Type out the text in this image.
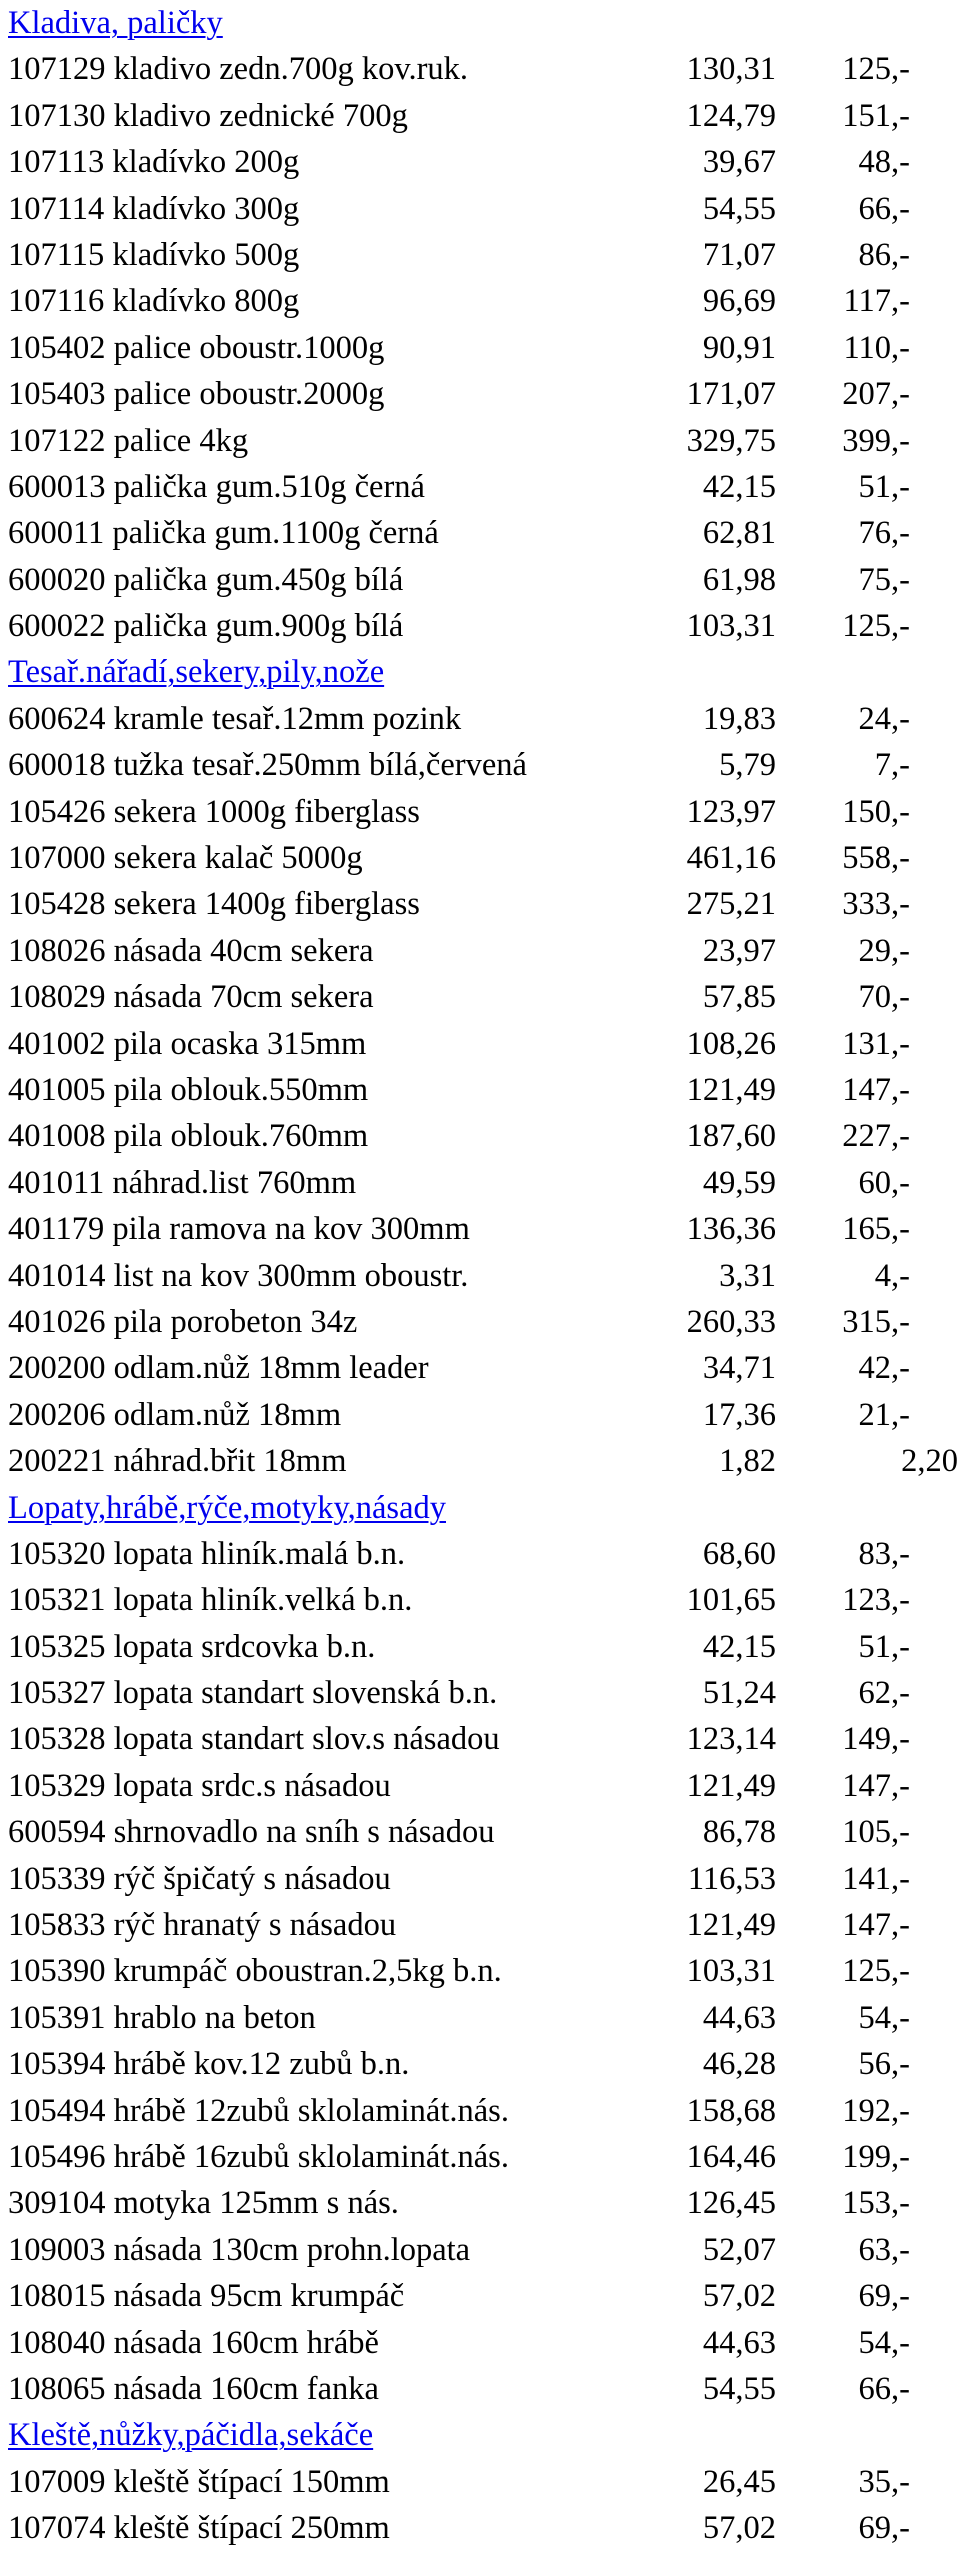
Kladiva, paličky
107129 kladivo zedn.700g kov.ruk.	130,31 125,-
107130 kladivo zednické 700g	124,79 151,-
107113 kladívko 200g	39,67	48,-
107114 kladívko 300g	54,55	66,-
107115 kladívko 500g	71,07	86,-
107116 kladívko 800g	96,69 117,-
105402 palice oboustr.1000g	90,91 110,-
105403 palice oboustr.2000g	171,07 207,-
107122 palice 4kg	329,75 399,-
600013 palička gum.510g černá	42,15	51,-
600011 palička gum.1100g černá	62,81	76,-
600020 palička gum.450g bílá	61,98	75,-
600022 palička gum.900g bílá	103,31 125,-
Tesař.nářadí,sekery,pily,nože
600624 kramle tesař.12mm pozink	19,83	24,-
600018 tužka tesař.250mm bílá,červená	5,79	7,-
105426 sekera 1000g fiberglass	123,97 150,-
107000 sekera kalač 5000g	461,16 558,-
105428 sekera 1400g fiberglass	275,21 333,-
108026 násada 40cm sekera	23,97	29,-
108029 násada 70cm sekera	57,85	70,-
401002 pila ocaska 315mm	108,26 131,-
401005 pila oblouk.550mm	121,49 147,-
401008 pila oblouk.760mm	187,60 227,-
401011 náhrad.list 760mm	49,59	60,-
401179 pila ramova na kov 300mm	136,36 165,-
401014 list na kov 300mm oboustr.	3,31	4,-
401026 pila porobeton 34z	260,33 315,-
200200 odlam.nůž 18mm leader	34,71	42,-
200206 odlam.nůž 18mm	17,36	21,-
200221 náhrad.břit 18mm	1,82	2,20
Lopaty,hrábě,rýče,motyky,násady
105320 lopata hliník.malá b.n.	68,60	83,-
105321 lopata hliník.velká b.n.	101,65 123,-
105325 lopata srdcovka b.n.	42,15	51,-
105327 lopata standart slovenská b.n.	51,24	62,-
105328 lopata standart slov.s násadou	123,14 149,-
105329 lopata srdc.s násadou	121,49 147,-
600594 shrnovadlo na sníh s násadou	86,78 105,-
105339 rýč špičatý s násadou	116,53 141,-
105833 rýč hranatý s násadou	121,49 147,-
105390 krumpáč oboustran.2,5kg b.n.	103,31 125,-
105391 hrablo na beton	44,63	54,-
105394 hrábě kov.12 zubů b.n.	46,28	56,-
105494 hrábě 12zubů sklolaminát.nás.	158,68 192,-
105496 hrábě 16zubů sklolaminát.nás.	164,46 199,-
309104 motyka 125mm s nás.	126,45 153,-
109003 násada 130cm prohn.lopata	52,07	63,-
108015 násada 95cm krumpáč	57,02	69,-
108040 násada 160cm hrábě	44,63	54,-
108065 násada 160cm fanka	54,55	66,-
Kleště,nůžky,páčidla,sekáče
107009 kleště štípací 150mm	26,45	35,-
107074 kleště štípací 250mm	57,02	69,-
